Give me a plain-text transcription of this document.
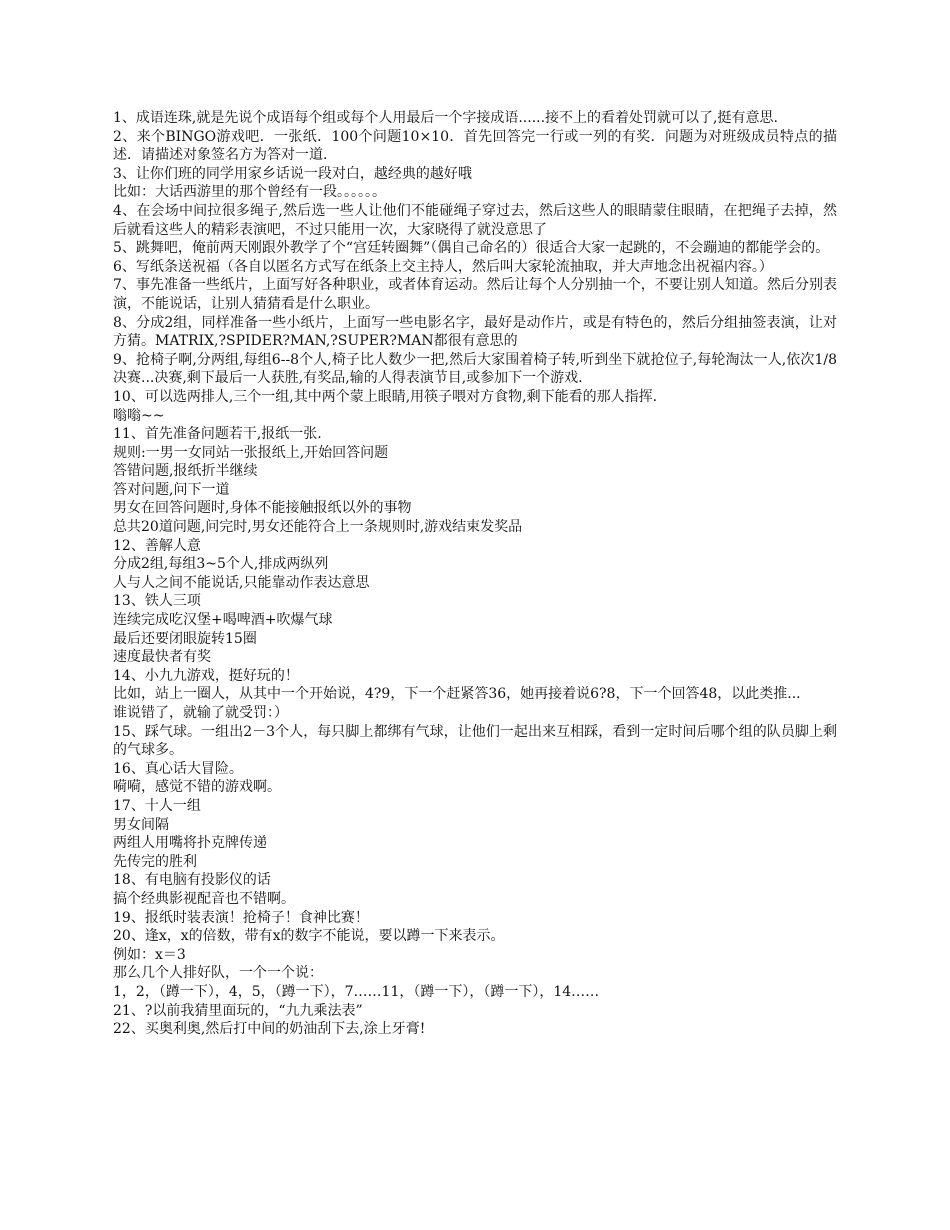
1、成语连珠,就是先说个成语每个组或每个人用最后一个字接成语......接不上的看着处罚就可以了,挺有意思.

2、来个BINGO游戏吧．一张纸．100个问题10×10．首先回答完一行或一列的有奖．问题为对班级成员特点的描述．请描述对象签名方为答对一道.

3、让你们班的同学用家乡话说一段对白，越经典的越好哦

比如：大话西游里的那个曾经有一段。。。。。。

4、在会场中间拉很多绳子,然后选一些人让他们不能碰绳子穿过去，然后这些人的眼睛蒙住眼睛，在把绳子去掉，然后就看这些人的精彩表演吧，不过只能用一次，大家晓得了就没意思了

5、跳舞吧，俺前两天刚跟外教学了个“宫廷转圈舞”（偶自己命名的）很适合大家一起跳的，不会蹦迪的都能学会的。

6、写纸条送祝福（各自以匿名方式写在纸条上交主持人，然后叫大家轮流抽取，并大声地念出祝福内容。）

7、事先准备一些纸片，上面写好各种职业，或者体育运动。然后让每个人分别抽一个，不要让别人知道。然后分别表演，不能说话，让别人猜猜看是什么职业。

8、分成2组，同样准备一些小纸片，上面写一些电影名字，最好是动作片，或是有特色的，然后分组抽签表演，让对方猜。MATRIX,?SPIDER?MAN,?SUPER?MAN都很有意思的

9、抢椅子啊,分两组,每组6--8个人,椅子比人数少一把,然后大家围着椅子转,听到坐下就抢位子,每轮淘汰一人,依次1/8决赛...决赛,剩下最后一人获胜,有奖品,输的人得表演节目,或参加下一个游戏.

10、可以选两排人,三个一组,其中两个蒙上眼睛,用筷子喂对方食物,剩下能看的那人指挥.

嗡嗡~~

11、首先准备问题若干,报纸一张.

规则:一男一女同站一张报纸上,开始回答问题

答错问题,报纸折半继续

答对问题,问下一道

男女在回答问题时,身体不能接触报纸以外的事物

总共20道问题,问完时,男女还能符合上一条规则时,游戏结束发奖品

12、善解人意

分成2组,每组3~5个人,排成两纵列

人与人之间不能说话,只能靠动作表达意思

13、铁人三项

连续完成吃汉堡+喝啤酒+吹爆气球

最后还要闭眼旋转15圈

速度最快者有奖

14、小九九游戏，挺好玩的！

比如，站上一圈人，从其中一个开始说，4?9，下一个赶紧答36，她再接着说6?8，下一个回答48，以此类推...

谁说错了，就输了就受罚：）

15、踩气球。一组出2－3个人，每只脚上都绑有气球，让他们一起出来互相踩，看到一定时间后哪个组的队员脚上剩的气球多。

16、真心话大冒险。

嗬嗬，感觉不错的游戏啊。

17、十人一组

男女间隔

两组人用嘴将扑克牌传递

先传完的胜利

18、有电脑有投影仪的话

搞个经典影视配音也不错啊。

19、报纸时装表演！抢椅子！食神比赛！

20、逢x，x的倍数，带有x的数字不能说，要以蹲一下来表示。

例如：x＝3

那么几个人排好队，一个一个说：

1，2，（蹲一下），4，5，（蹲一下），7……11，（蹲一下），（蹲一下），14……

21、?以前我猜里面玩的，“九九乘法表”

22、买奥利奥,然后打中间的奶油刮下去,涂上牙膏!
